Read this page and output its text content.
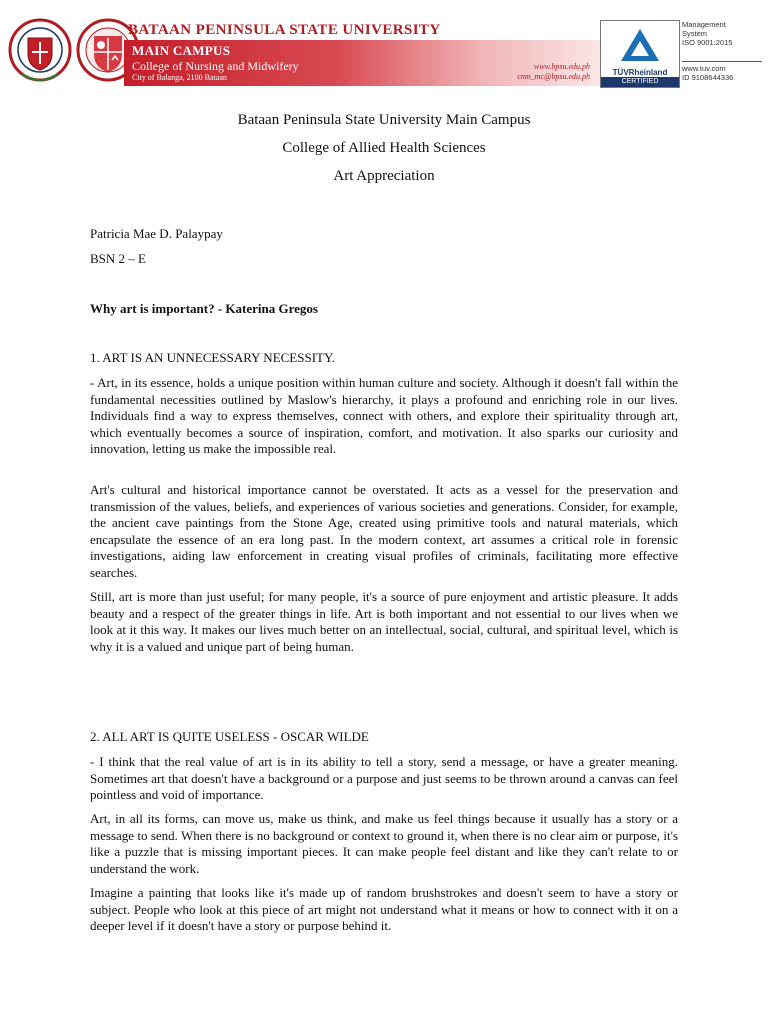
BATAAN PENINSULA STATE UNIVERSITY
MAIN CAMPUS
College of Nursing and Midwifery
City of Balanga, 2100 Bataan
www.bpsu.edu.ph
cnm_mc@bpsu.edu.ph	TÜVRheinland
CERTIFIED
Management
System
ISO 9001:2015
www.tuv.com
ID 9108644336
Bataan Peninsula State University Main Campus
College of Allied Health Sciences
Art Appreciation
Patricia Mae D. Palaypay
BSN 2 – E
Why art is important? - Katerina Gregos
1. ART IS AN UNNECESSARY NECESSITY.

- Art, in its essence, holds a unique position within human culture and society. Although it doesn't fall within the fundamental necessities outlined by Maslow's hierarchy, it plays a profound and enriching role in our lives. Individuals find a way to express themselves, connect with others, and explore their spirituality through art, which eventually becomes a source of inspiration, comfort, and motivation. It also sparks our curiosity and innovation, letting us make the impossible real.

Art's cultural and historical importance cannot be overstated. It acts as a vessel for the preservation and transmission of the values, beliefs, and experiences of various societies and generations. Consider, for example, the ancient cave paintings from the Stone Age, created using primitive tools and natural materials, which encapsulate the essence of an era long past. In the modern context, art assumes a critical role in forensic investigations, aiding law enforcement in creating visual profiles of criminals, facilitating more effective searches.

Still, art is more than just useful; for many people, it's a source of pure enjoyment and artistic pleasure. It adds beauty and a respect of the greater things in life. Art is both important and not essential to our lives when we look at it this way. It makes our lives much better on an intellectual, social, cultural, and spiritual level, which is why it is a valued and unique part of being human.

2. ALL ART IS QUITE USELESS - OSCAR WILDE

- I think that the real value of art is in its ability to tell a story, send a message, or have a greater meaning. Sometimes art that doesn't have a background or a purpose and just seems to be thrown around a canvas can feel pointless and void of importance.

Art, in all its forms, can move us, make us think, and make us feel things because it usually has a story or a message to send. When there is no background or context to ground it, when there is no clear aim or purpose, it's like a puzzle that is missing important pieces. It can make people feel distant and like they can't relate to or understand the work.

Imagine a painting that looks like it's made up of random brushstrokes and doesn't seem to have a story or subject. People who look at this piece of art might not understand what it means or how to connect with it on a deeper level if it doesn't have a story or purpose behind it.
